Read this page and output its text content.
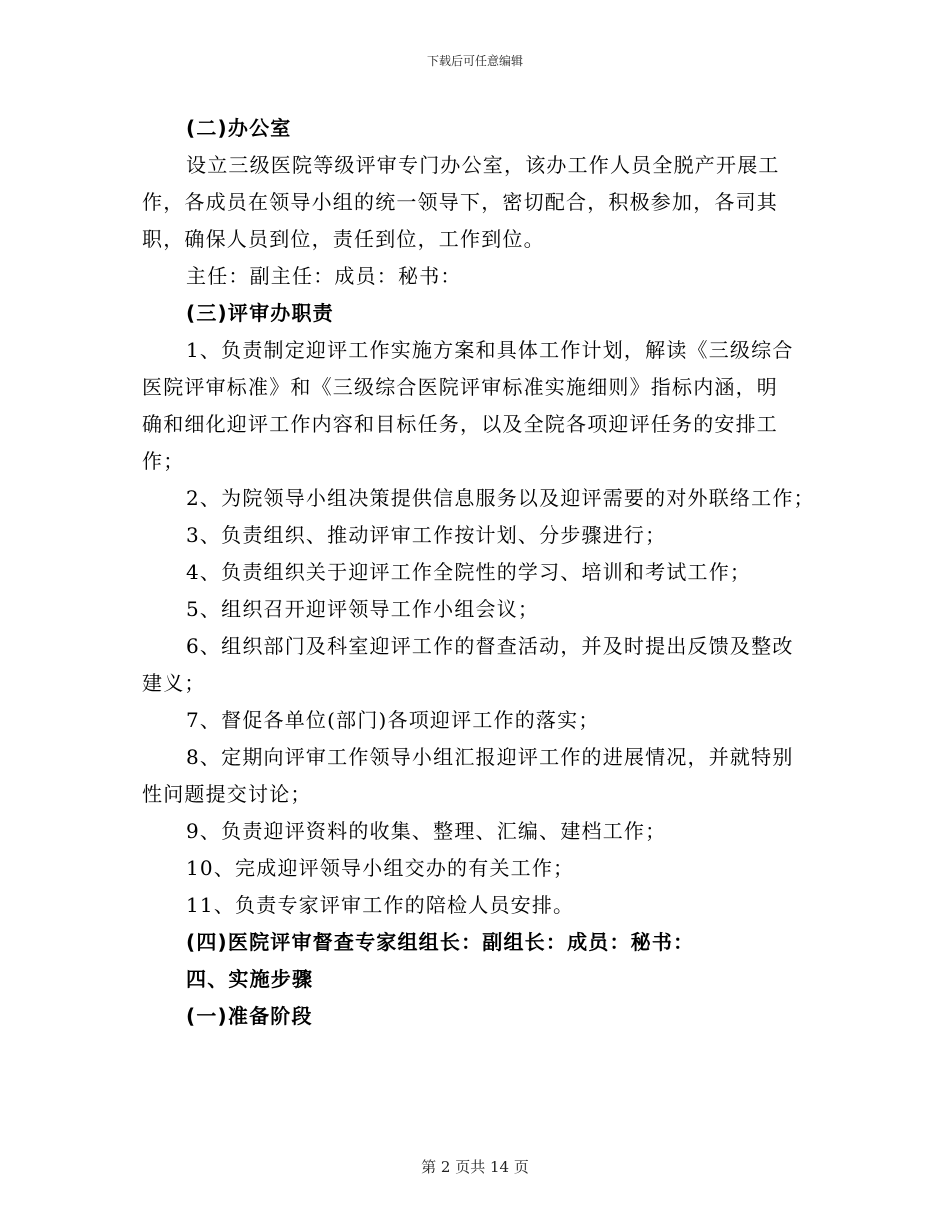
下载后可任意编辑
(二)办公室
设立三级医院等级评审专门办公室，该办工作人员全脱产开展工
作，各成员在领导小组的统一领导下，密切配合，积极参加，各司其
职，确保人员到位，责任到位，工作到位。
主任：副主任：成员：秘书：
(三)评审办职责
1、负责制定迎评工作实施方案和具体工作计划，解读《三级综合
医院评审标准》和《三级综合医院评审标准实施细则》指标内涵，明
确和细化迎评工作内容和目标任务，以及全院各项迎评任务的安排工
作；
2、为院领导小组决策提供信息服务以及迎评需要的对外联络工作；
3、负责组织、推动评审工作按计划、分步骤进行；
4、负责组织关于迎评工作全院性的学习、培训和考试工作；
5、组织召开迎评领导工作小组会议；
6、组织部门及科室迎评工作的督查活动，并及时提出反馈及整改
建义；
7、督促各单位(部门)各项迎评工作的落实；
8、定期向评审工作领导小组汇报迎评工作的进展情况，并就特别
性问题提交讨论；
9、负责迎评资料的收集、整理、汇编、建档工作；
10、完成迎评领导小组交办的有关工作；
11、负责专家评审工作的陪检人员安排。
(四)医院评审督查专家组组长：副组长：成员：秘书：
四、实施步骤
(一)准备阶段
第 2 页共 14 页
